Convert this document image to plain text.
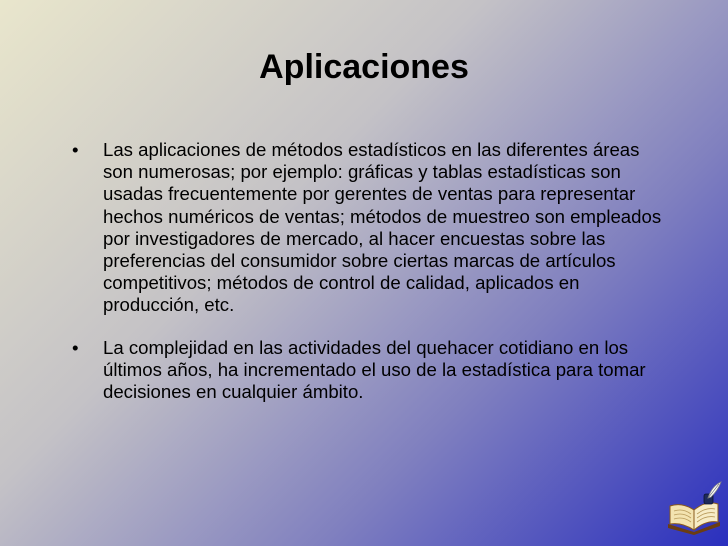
Aplicaciones
• Las aplicaciones de métodos estadísticos en las diferentes áreas son numerosas; por ejemplo: gráficas y tablas estadísticas son usadas frecuentemente por gerentes de ventas para representar hechos numéricos de ventas; métodos de muestreo son empleados por investigadores de mercado, al hacer encuestas sobre las preferencias del consumidor sobre ciertas marcas de artículos competitivos; métodos de control de calidad, aplicados en producción, etc.
• La complejidad en las actividades del quehacer cotidiano en los últimos años, ha incrementado el uso de la estadística para tomar decisiones en cualquier ámbito.
